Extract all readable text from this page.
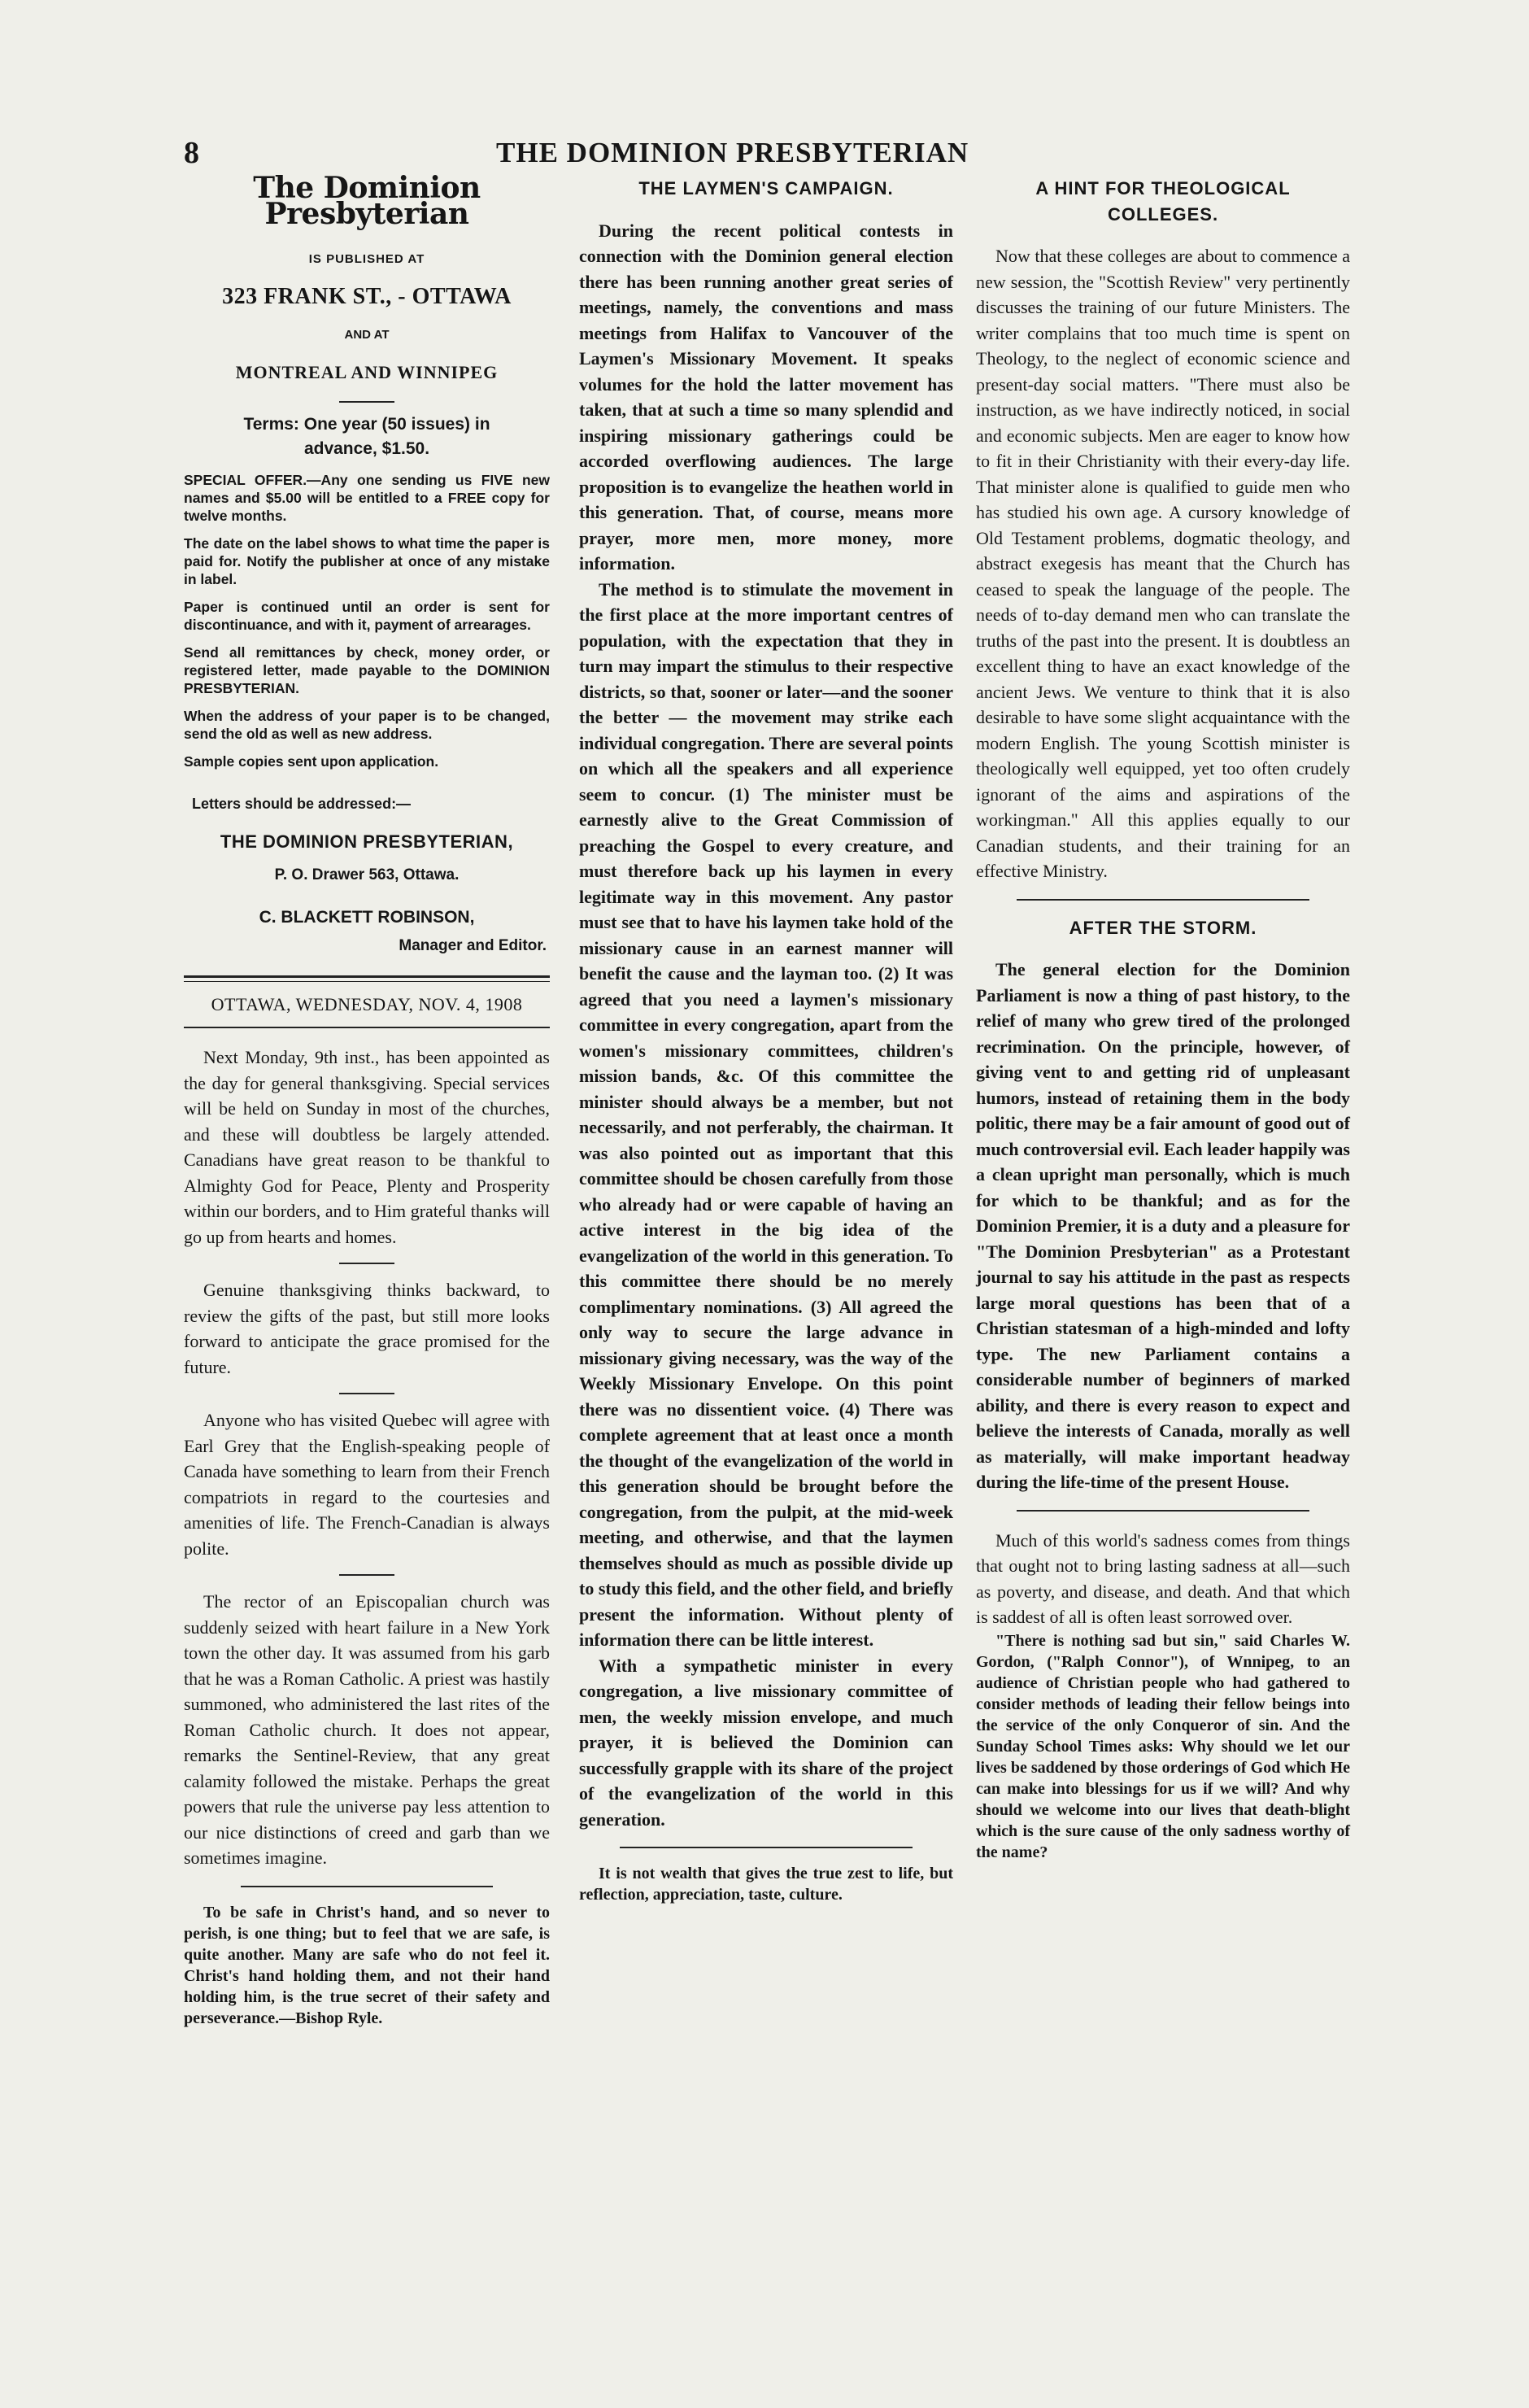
8	THE DOMINION PRESBYTERIAN
The Dominion Presbyterian
IS PUBLISHED AT
323 FRANK ST., - OTTAWA
AND AT
MONTREAL AND WINNIPEG
Terms: One year (50 issues) in
advance, $1.50.

SPECIAL OFFER.—Any one sending us FIVE new names and $5.00 will be entitled to a FREE copy for twelve months.

The date on the label shows to what time the paper is paid for. Notify the publisher at once of any mistake in label.

Paper is continued until an order is sent for discontinuance, and with it, payment of arrearages.

Send all remittances by check, money order, or registered letter, made payable to the DOMINION PRESBYTERIAN.

When the address of your paper is to be changed, send the old as well as new address.

Sample copies sent upon application.

Letters should be addressed:—
THE DOMINION PRESBYTERIAN,
P. O. Drawer 563, Ottawa.
C. BLACKETT ROBINSON,
Manager and Editor.
OTTAWA, WEDNESDAY, NOV. 4, 1908

Next Monday, 9th inst., has been appointed as the day for general thanksgiving. Special services will be held on Sunday in most of the churches, and these will doubtless be largely attended. Canadians have great reason to be thankful to Almighty God for Peace, Plenty and Prosperity within our borders, and to Him grateful thanks will go up from hearts and homes.

Genuine thanksgiving thinks backward, to review the gifts of the past, but still more looks forward to anticipate the grace promised for the future.

Anyone who has visited Quebec will agree with Earl Grey that the English-speaking people of Canada have something to learn from their French compatriots in regard to the courtesies and amenities of life. The French-Canadian is always polite.

The rector of an Episcopalian church was suddenly seized with heart failure in a New York town the other day. It was assumed from his garb that he was a Roman Catholic. A priest was hastily summoned, who administered the last rites of the Roman Catholic church. It does not appear, remarks the Sentinel-Review, that any great calamity followed the mistake. Perhaps the great powers that rule the universe pay less attention to our nice distinctions of creed and garb than we sometimes imagine.

To be safe in Christ's hand, and so never to perish, is one thing; but to feel that we are safe, is quite another. Many are safe who do not feel it. Christ's hand holding them, and not their hand holding him, is the true secret of their safety and perseverance.—Bishop Ryle.

THE LAYMEN'S CAMPAIGN.

During the recent political contests in connection with the Dominion general election there has been running another great series of meetings, namely, the conventions and mass meetings from Halifax to Vancouver of the Laymen's Missionary Movement. It speaks volumes for the hold the latter movement has taken, that at such a time so many splendid and inspiring missionary gatherings could be accorded overflowing audiences. The large proposition is to evangelize the heathen world in this generation. That, of course, means more prayer, more men, more money, more information.

The method is to stimulate the movement in the first place at the more important centres of population, with the expectation that they in turn may impart the stimulus to their respective districts, so that, sooner or later—and the sooner the better — the movement may strike each individual congregation. There are several points on which all the speakers and all experience seem to concur. (1) The minister must be earnestly alive to the Great Commission of preaching the Gospel to every creature, and must therefore back up his laymen in every legitimate way in this movement. Any pastor must see that to have his laymen take hold of the missionary cause in an earnest manner will benefit the cause and the layman too. (2) It was agreed that you need a laymen's missionary committee in every congregation, apart from the women's missionary committees, children's mission bands, &c. Of this committee the minister should always be a member, but not necessarily, and not perferably, the chairman. It was also pointed out as important that this committee should be chosen carefully from those who already had or were capable of having an active interest in the big idea of the evangelization of the world in this generation. To this committee there should be no merely complimentary nominations. (3) All agreed the only way to secure the large advance in missionary giving necessary, was the way of the Weekly Missionary Envelope. On this point there was no dissentient voice. (4) There was complete agreement that at least once a month the thought of the evangelization of the world in this generation should be brought before the congregation, from the pulpit, at the mid-week meeting, and otherwise, and that the laymen themselves should as much as possible divide up to study this field, and the other field, and briefly present the information. Without plenty of information there can be little interest.

With a sympathetic minister in every congregation, a live missionary committee of men, the weekly mission envelope, and much prayer, it is believed the Dominion can successfully grapple with its share of the project of the evangelization of the world in this generation.

It is not wealth that gives the true zest to life, but reflection, appreciation, taste, culture.

A HINT FOR THEOLOGICAL
COLLEGES.

Now that these colleges are about to commence a new session, the "Scottish Review" very pertinently discusses the training of our future Ministers. The writer complains that too much time is spent on Theology, to the neglect of economic science and present-day social matters. "There must also be instruction, as we have indirectly noticed, in social and economic subjects. Men are eager to know how to fit in their Christianity with their every-day life. That minister alone is qualified to guide men who has studied his own age. A cursory knowledge of Old Testament problems, dogmatic theology, and abstract exegesis has meant that the Church has ceased to speak the language of the people. The needs of to-day demand men who can translate the truths of the past into the present. It is doubtless an excellent thing to have an exact knowledge of the ancient Jews. We venture to think that it is also desirable to have some slight acquaintance with the modern English. The young Scottish minister is theologically well equipped, yet too often crudely ignorant of the aims and aspirations of the workingman." All this applies equally to our Canadian students, and their training for an effective Ministry.

AFTER THE STORM.

The general election for the Dominion Parliament is now a thing of past history, to the relief of many who grew tired of the prolonged recrimination. On the principle, however, of giving vent to and getting rid of unpleasant humors, instead of retaining them in the body politic, there may be a fair amount of good out of much controversial evil. Each leader happily was a clean upright man personally, which is much for which to be thankful; and as for the Dominion Premier, it is a duty and a pleasure for "The Dominion Presbyterian" as a Protestant journal to say his attitude in the past as respects large moral questions has been that of a Christian statesman of a high-minded and lofty type. The new Parliament contains a considerable number of beginners of marked ability, and there is every reason to expect and believe the interests of Canada, morally as well as materially, will make important headway during the life-time of the present House.

Much of this world's sadness comes from things that ought not to bring lasting sadness at all—such as poverty, and disease, and death. And that which is saddest of all is often least sorrowed over.

"There is nothing sad but sin," said Charles W. Gordon, ("Ralph Connor"), of Wnnipeg, to an audience of Christian people who had gathered to consider methods of leading their fellow beings into the service of the only Conqueror of sin. And the Sunday School Times asks: Why should we let our lives be saddened by those orderings of God which He can make into blessings for us if we will? And why should we welcome into our lives that death-blight which is the sure cause of the only sadness worthy of the name?
